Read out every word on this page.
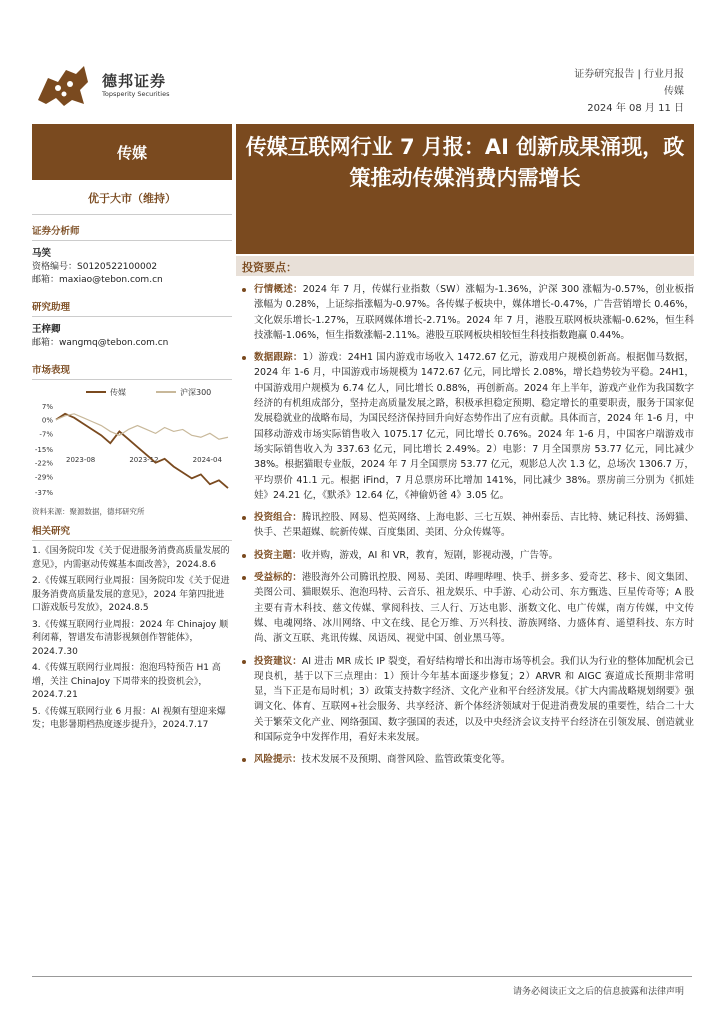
德邦证券
Topsperity Securities
证券研究报告 | 行业月报
传媒
2024 年 08 月 11 日
传媒
优于大市（维持）
证券分析师
马笑
资格编号：S0120522100002
邮箱：maxiao@tebon.com.cn
研究助理
王梓卿
邮箱：wangmq@tebon.com.cn
市场表现
传媒	沪深300
7%
0%
-7%
-15%
-22%
-29%
-37%
2023-08	2023-12	2024-04
资料来源：聚源数据，德邦研究所
相关研究
1.《国务院印发《关于促进服务消费高质量发展的意见》，内需驱动传媒基本面改善》，2024.8.6
2.《传媒互联网行业周报：国务院印发《关于促进服务消费高质量发展的意见》，2024 年第四批进口游戏版号发放》，2024.8.5
3.《传媒互联网行业周报：2024 年 Chinajoy 顺利闭幕，智谱发布清影视频创作智能体》，2024.7.30
4.《传媒互联网行业周报：泡泡玛特预告 H1 高增，关注 ChinaJoy 下周带来的投资机会》，2024.7.21
5.《传媒互联网行业 6 月报：AI 视频有望迎来爆发；电影暑期档热度逐步提升》，2024.7.17
传媒互联网行业 7 月报：AI 创新成果涌现，政策推动传媒消费内需增长
投资要点：
行情概述：2024 年 7 月，传媒行业指数（SW）涨幅为-1.36%，沪深 300 涨幅为-0.57%，创业板指涨幅为 0.28%，上证综指涨幅为-0.97%。各传媒子板块中，媒体增长-0.47%，广告营销增长 0.46%，文化娱乐增长-1.27%，互联网媒体增长-2.71%。2024 年 7 月，港股互联网板块涨幅-0.62%，恒生科技涨幅-1.06%，恒生指数涨幅-2.11%。港股互联网板块相较恒生科技指数跑赢 0.44%。
数据跟踪：1）游戏：24H1 国内游戏市场收入 1472.67 亿元，游戏用户规模创新高。根据伽马数据，2024 年 1-6 月，中国游戏市场规模为 1472.67 亿元，同比增长 2.08%，增长趋势较为平稳。24H1，中国游戏用户规模为 6.74 亿人，同比增长 0.88%，再创新高。2024 年上半年，游戏产业作为我国数字经济的有机组成部分，坚持走高质量发展之路，积极承担稳定预期、稳定增长的重要职责，服务于国家促发展稳就业的战略布局，为国民经济保持回升向好态势作出了应有贡献。具体而言，2024 年 1-6 月，中国移动游戏市场实际销售收入 1075.17 亿元，同比增长 0.76%。2024 年 1-6 月，中国客户端游戏市场实际销售收入为 337.63 亿元，同比增长 2.49%。2）电影：7 月全国票房 53.77 亿元，同比减少 38%。根据猫眼专业版，2024 年 7 月全国票房 53.77 亿元，观影总人次 1.3 亿，总场次 1306.7 万，平均票价 41.1 元。根据 iFind，7 月总票房环比增加 141%，同比减少 38%。票房前三分别为《抓娃娃》24.21 亿，《默杀》12.64 亿，《神偷奶爸 4》3.05 亿。
投资组合：腾讯控股、网易、恺英网络、上海电影、三七互娱、神州泰岳、吉比特、姚记科技、汤姆猫、快手、芒果超媒、皖新传媒、百度集团、美团、分众传媒等。
投资主题：收并购，游戏，AI 和 VR，教育，短剧，影视动漫，广告等。
受益标的：港股海外公司腾讯控股、网易、美团、哔哩哔哩、快手、拼多多、爱奇艺、移卡、阅文集团、美图公司、猫眼娱乐、泡泡玛特、云音乐、祖龙娱乐、中手游、心动公司、东方甄选、巨星传奇等；A 股主要有青木科技、慈文传媒、掌阅科技、三人行、万达电影、浙数文化、电广传媒，南方传媒，中文传媒、电魂网络、冰川网络、中文在线、昆仑万维、万兴科技、游族网络、力盛体育、遥望科技、东方时尚、浙文互联、兆讯传媒、凤语凤、视觉中国、创业黑马等。
投资建议：AI 进击 MR 成长 IP 裂变，看好结构增长和出海市场等机会。我们认为行业的整体加配机会已现良机，基于以下三点理由：1）预计今年基本面逐步修复；2）ARVR 和 AIGC 赛道成长预期非常明显，当下正是布局时机；3）政策支持数字经济、文化产业和平台经济发展。《扩大内需战略规划纲要》强调文化、体育、互联网+社会服务、共享经济、新个体经济领域对于促进消费发展的重要性，结合二十大关于繁荣文化产业、网络强国、数字强国的表述，以及中央经济会议支持平台经济在引领发展、创造就业和国际竞争中发挥作用，看好未来发展。
风险提示：技术发展不及预期、商誉风险、监管政策变化等。
请务必阅读正文之后的信息披露和法律声明
